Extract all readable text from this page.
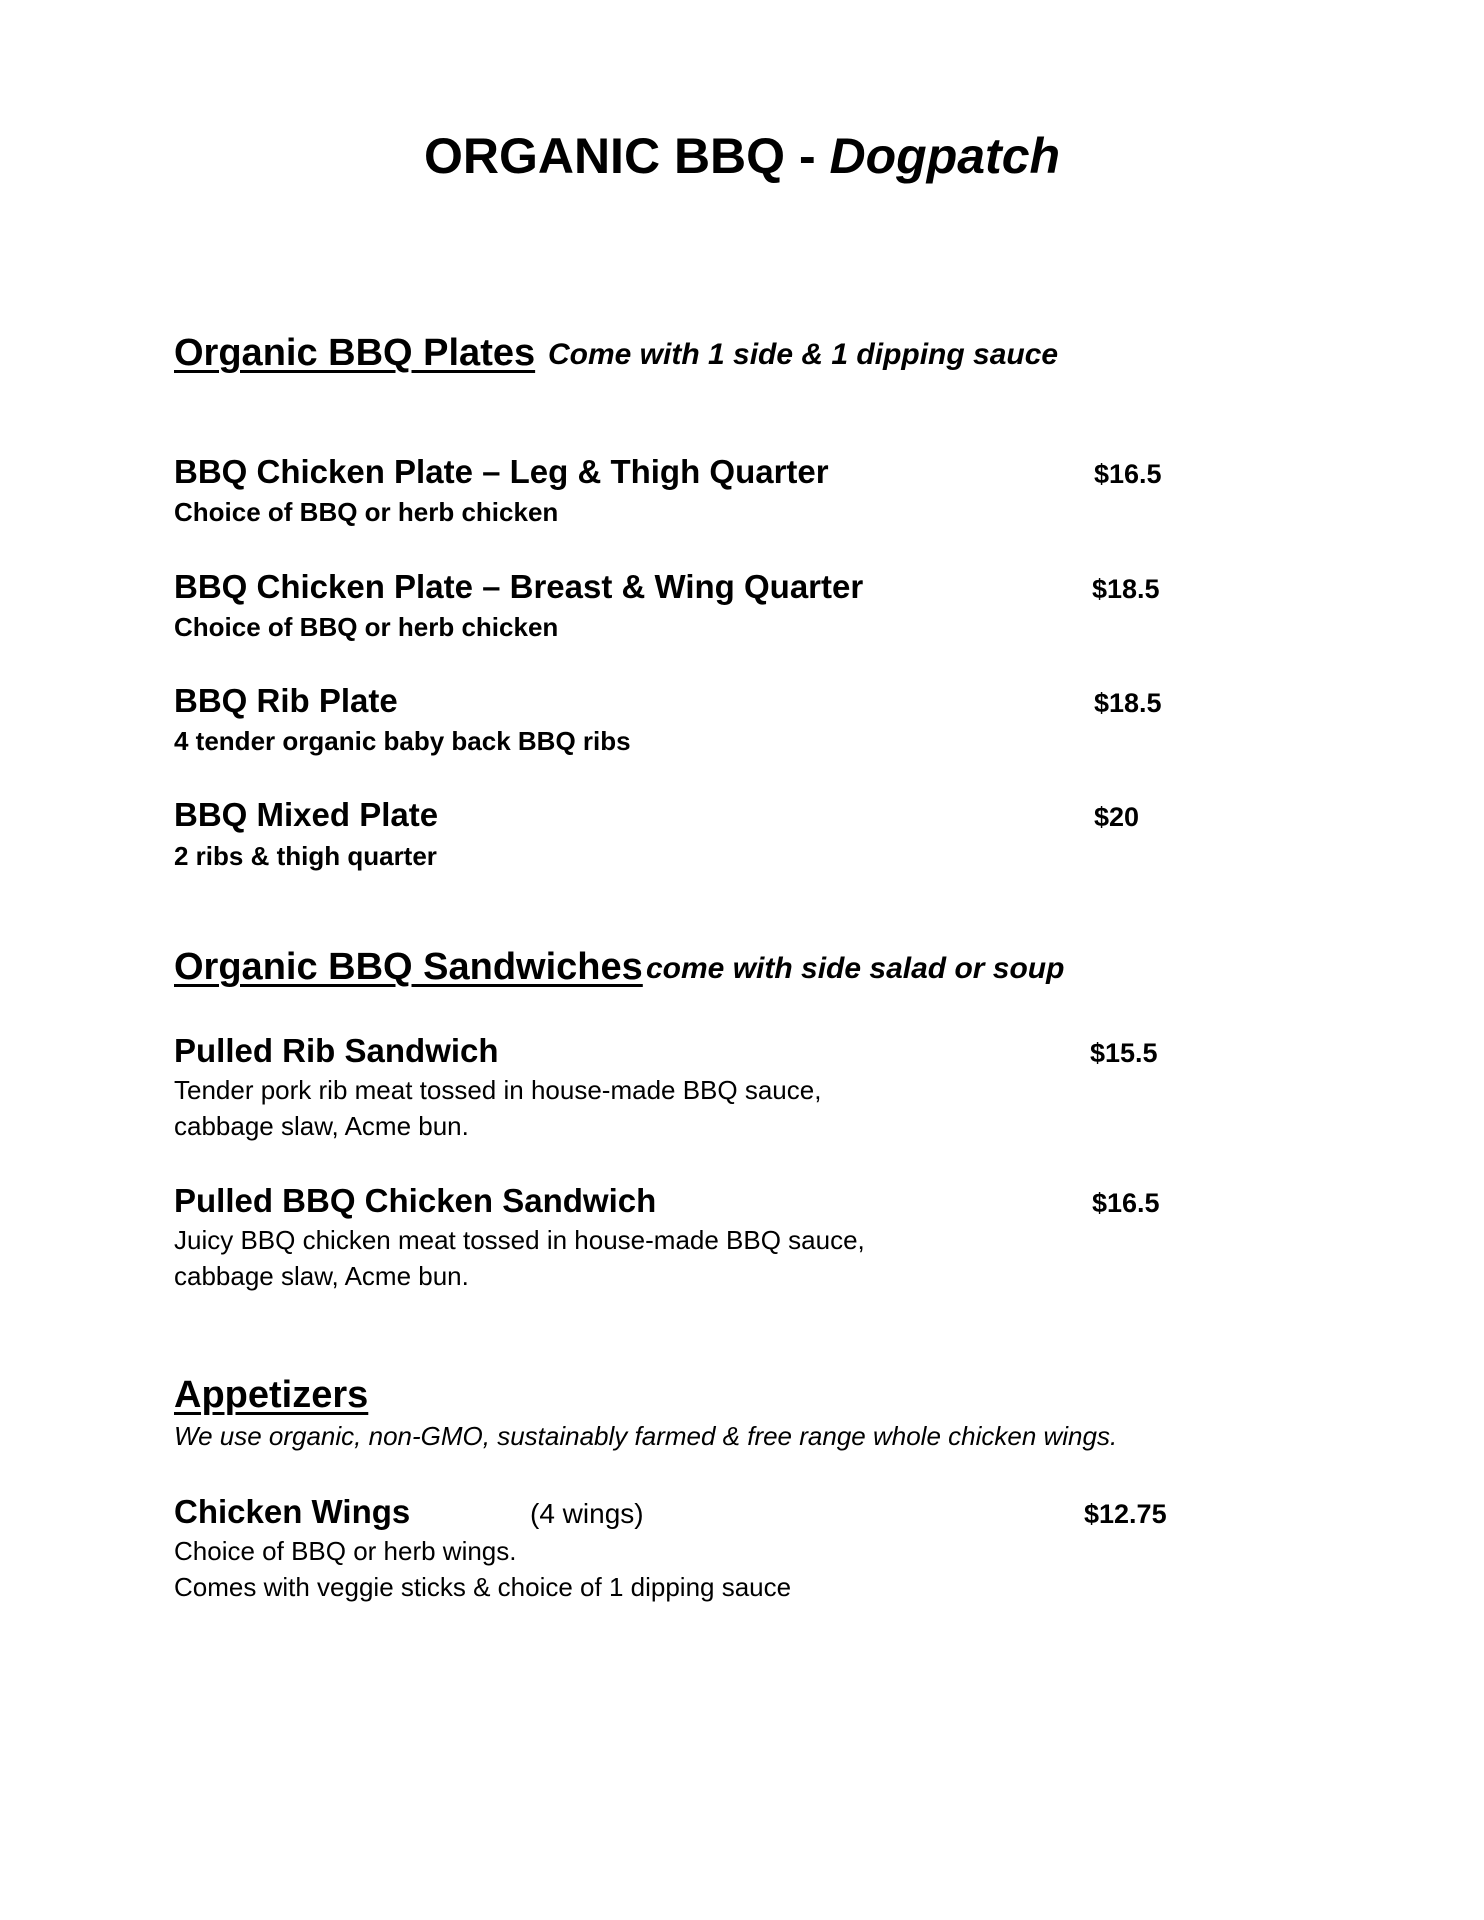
ORGANIC BBQ - Dogpatch
Organic BBQ Plates Come with 1 side & 1 dipping sauce
BBQ Chicken Plate – Leg & Thigh Quarter	$16.5
Choice of BBQ or herb chicken
BBQ Chicken Plate – Breast & Wing Quarter	$18.5
Choice of BBQ or herb chicken
BBQ Rib Plate	$18.5
4 tender organic baby back BBQ ribs
BBQ Mixed Plate	$20
2 ribs & thigh quarter
Organic BBQ Sandwiches come with side salad or soup
Pulled Rib Sandwich	$15.5
Tender pork rib meat tossed in house-made BBQ sauce,
cabbage slaw, Acme bun.
Pulled BBQ Chicken Sandwich	$16.5
Juicy BBQ chicken meat tossed in house-made BBQ sauce,
cabbage slaw, Acme bun.
Appetizers
We use organic, non-GMO, sustainably farmed & free range whole chicken wings.
Chicken Wings	(4 wings)	$12.75
Choice of BBQ or herb wings.
Comes with veggie sticks & choice of 1 dipping sauce
